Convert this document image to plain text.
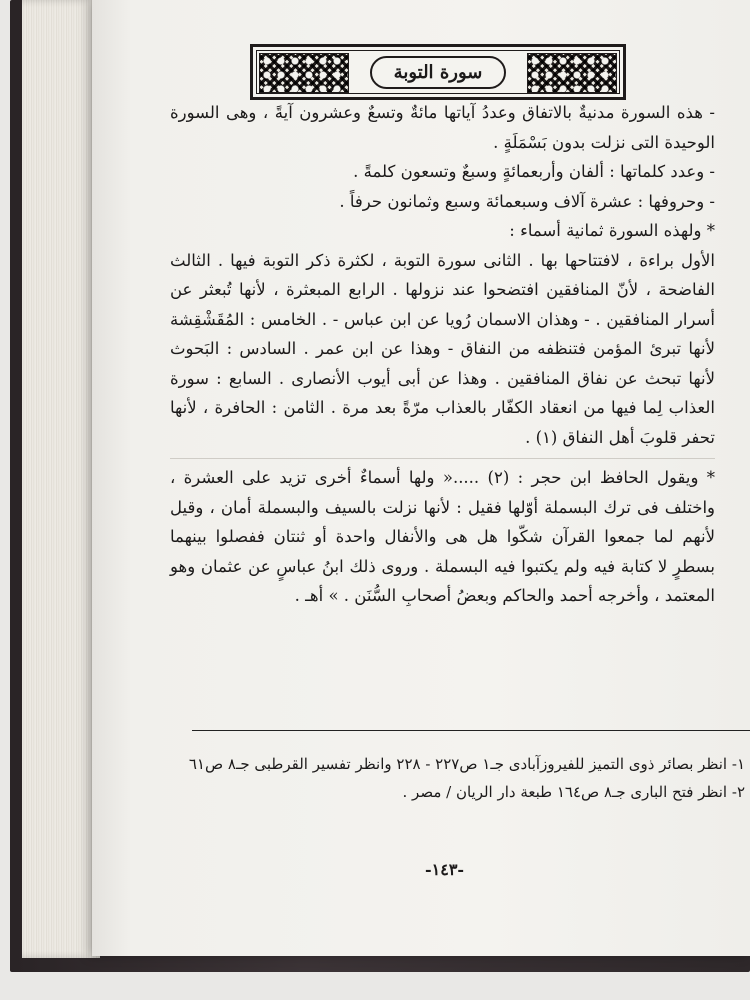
سورة التوبة

- هذه السورة مدنيةٌ بالاتفاق وعددُ آياتها مائةٌ وتسعٌ وعشرون آيةً ، وهى السورة الوحيدة التى نزلت بدون بَسْمَلَةٍ .

- وعدد كلماتها : ألفان وأربعمائةٍ وسبعٌ وتسعون كلمةً .

- وحروفها : عشرة آلاف وسبعمائة وسبع وثمانون حرفاً .

* ولهذه السورة ثمانية أسماء :

الأول براءة ، لافتتاحها بها . الثانى سورة التوبة ، لكثرة ذكر التوبة فيها . الثالث الفاضحة ، لأنّ المنافقين افتضحوا عند نزولها . الرابع المبعثرة ، لأنها تُبعثر عن أسرار المنافقين . - وهذان الاسمان رُويا عن ابن عباس - . الخامس : المُقَشْقِشة لأنها تبرئ المؤمن فتنظفه من النفاق - وهذا عن ابن عمر . السادس : البَحوث لأنها تبحث عن نفاق المنافقين . وهذا عن أبى أيوب الأنصارى . السابع : سورة العذاب لِما فيها من انعقاد الكفّار بالعذاب مرّةً بعد مرة . الثامن : الحافرة ، لأنها تحفر قلوبَ أهل النفاق (١) .

* ويقول الحافظ ابن حجر : (٢) .....« ولها أسماءٌ أخرى تزيد على العشرة ، واختلف فى ترك البسملة أوّلها فقيل : لأنها نزلت بالسيف والبسملة أمان ، وقيل لأنهم لما جمعوا القرآن شكّوا هل هى والأنفال واحدة أو ثنتان ففصلوا بينهما بسطرٍ لا كتابة فيه ولم يكتبوا فيه البسملة . وروى ذلك ابنُ عباسٍ عن عثمان وهو المعتمد ، وأخرجه أحمد والحاكم وبعضُ أصحابِ السُّنَن . » أهـ .

١- انظر بصائر ذوى التميز للفيروزآبادى جـ١ ص٢٢٧ - ٢٢٨ وانظر تفسير القرطبى جـ٨ ص٦١

٢- انظر فتح البارى جـ٨ ص١٦٤ طبعة دار الريان / مصر .

-١٤٣-
